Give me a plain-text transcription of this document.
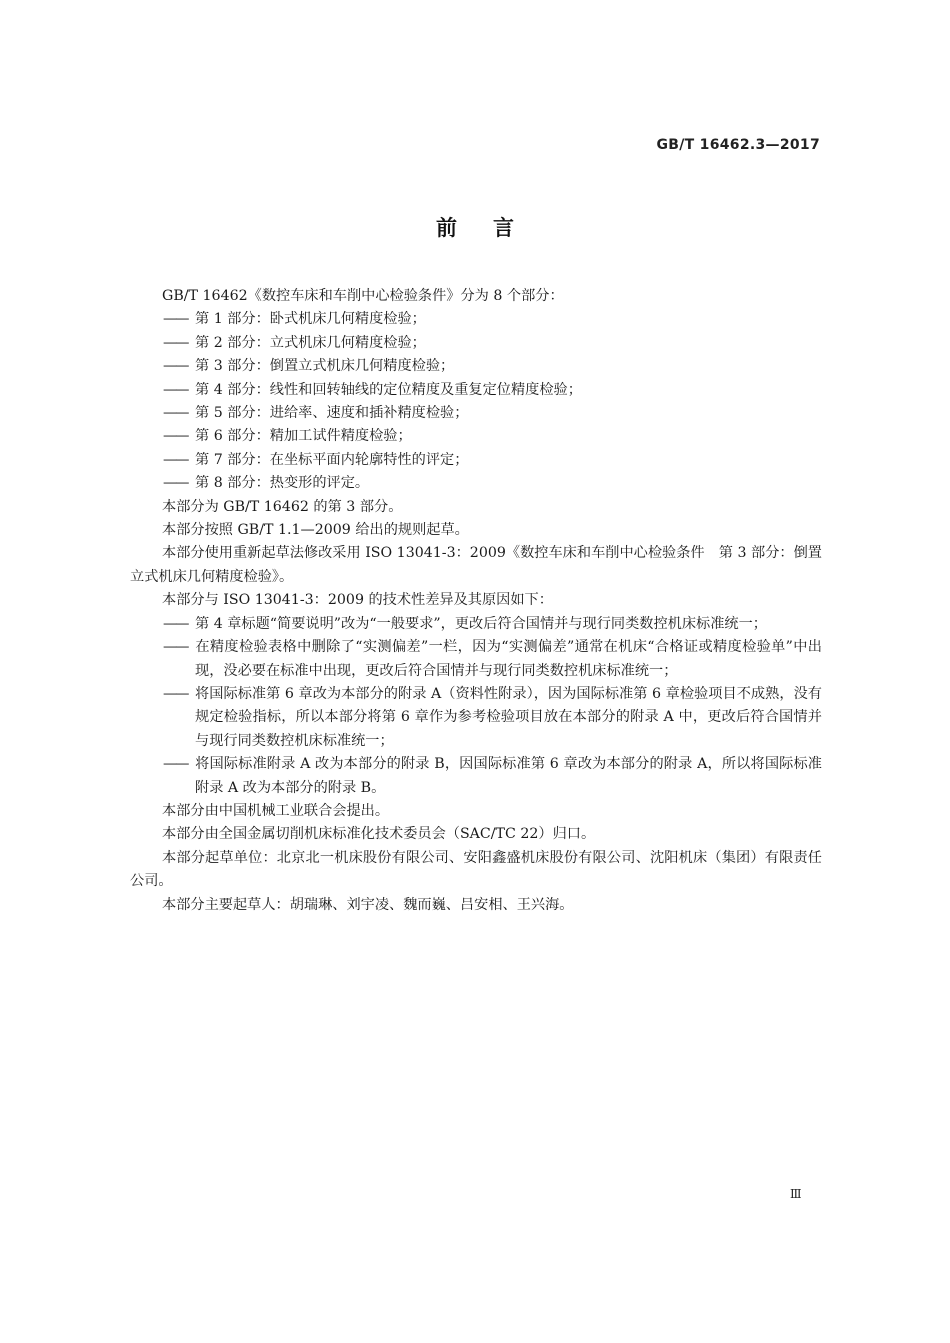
GB/T 16462.3—2017
前言

GB/T 16462《数控车床和车削中心检验条件》分为 8 个部分：

—— 第 1 部分：卧式机床几何精度检验；

—— 第 2 部分：立式机床几何精度检验；

—— 第 3 部分：倒置立式机床几何精度检验；

—— 第 4 部分：线性和回转轴线的定位精度及重复定位精度检验；

—— 第 5 部分：进给率、速度和插补精度检验；

—— 第 6 部分：精加工试件精度检验；

—— 第 7 部分：在坐标平面内轮廓特性的评定；

—— 第 8 部分：热变形的评定。

本部分为 GB/T 16462 的第 3 部分。

本部分按照 GB/T 1.1—2009 给出的规则起草。

本部分使用重新起草法修改采用 ISO 13041-3：2009《数控车床和车削中心检验条件　第 3 部分：倒置立式机床几何精度检验》。

本部分与 ISO 13041-3：2009 的技术性差异及其原因如下：

—— 第 4 章标题“简要说明”改为“一般要求”，更改后符合国情并与现行同类数控机床标准统一；

—— 在精度检验表格中删除了“实测偏差”一栏，因为“实测偏差”通常在机床“合格证或精度检验单”中出现，没必要在标准中出现，更改后符合国情并与现行同类数控机床标准统一；

—— 将国际标准第 6 章改为本部分的附录 A（资料性附录），因为国际标准第 6 章检验项目不成熟，没有规定检验指标，所以本部分将第 6 章作为参考检验项目放在本部分的附录 A 中，更改后符合国情并与现行同类数控机床标准统一；

—— 将国际标准附录 A 改为本部分的附录 B，因国际标准第 6 章改为本部分的附录 A，所以将国际标准附录 A 改为本部分的附录 B。

本部分由中国机械工业联合会提出。

本部分由全国金属切削机床标准化技术委员会（SAC/TC 22）归口。

本部分起草单位：北京北一机床股份有限公司、安阳鑫盛机床股份有限公司、沈阳机床（集团）有限责任公司。

本部分主要起草人：胡瑞琳、刘宇凌、魏而巍、吕安相、王兴海。

Ⅲ
